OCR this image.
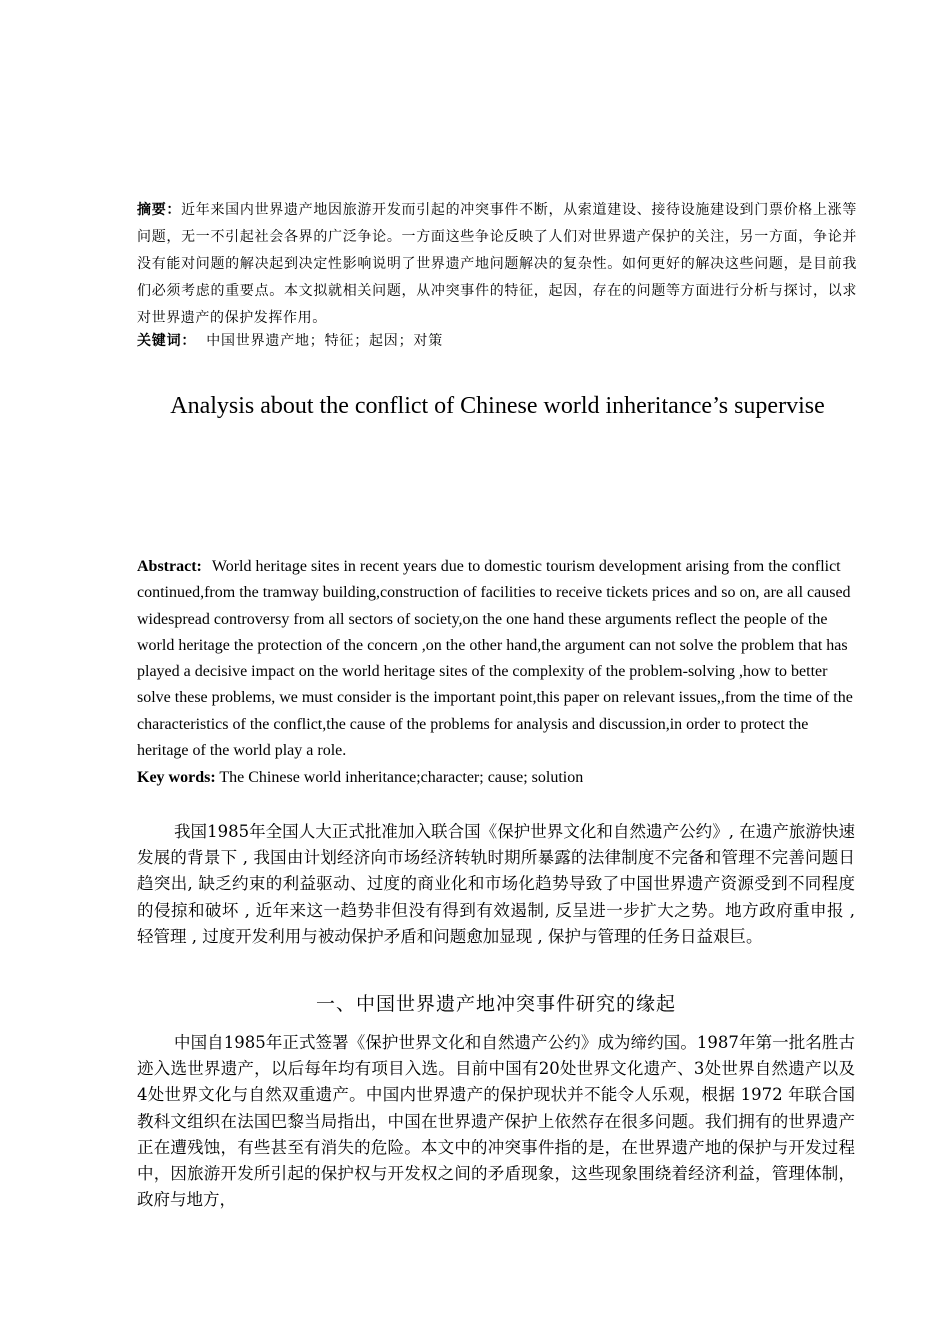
摘要：近年来国内世界遗产地因旅游开发而引起的冲突事件不断，从索道建设、接待设施建设到门票价格上涨等问题，无一不引起社会各界的广泛争论。一方面这些争论反映了人们对世界遗产保护的关注，另一方面，争论并没有能对问题的解决起到决定性影响说明了世界遗产地问题解决的复杂性。如何更好的解决这些问题，是目前我们必须考虑的重要点。本文拟就相关问题，从冲突事件的特征，起因，存在的问题等方面进行分析与探讨，以求对世界遗产的保护发挥作用。
关键词： 中国世界遗产地；特征；起因；对策
Analysis about the conflict of Chinese world inheritance’s supervise
Abstract: World heritage sites in recent years due to domestic tourism development arising from the conflict continued,from the tramway building,construction of facilities to receive tickets prices and so on, are all caused widespread controversy from all sectors of society,on the one hand these arguments reflect the people of the world heritage the protection of the concern ,on the other hand,the argument can not solve the problem that has played a decisive impact on the world heritage sites of the complexity of the problem-solving ,how to better solve these problems, we must consider is the important point,this paper on relevant issues,,from the time of the characteristics of the conflict,the cause of the problems for analysis and discussion,in order to protect the heritage of the world play a role.
Key words: The Chinese world inheritance;character; cause; solution
我国1985年全国人大正式批准加入联合国《保护世界文化和自然遗产公约》, 在遗产旅游快速发展的背景下 , 我国由计划经济向市场经济转轨时期所暴露的法律制度不完备和管理不完善问题日趋突出, 缺乏约束的利益驱动、过度的商业化和市场化趋势导致了中国世界遗产资源受到不同程度的侵掠和破坏 , 近年来这一趋势非但没有得到有效遏制, 反呈进一步扩大之势。地方政府重申报 , 轻管理 , 过度开发利用与被动保护矛盾和问题愈加显现 , 保护与管理的任务日益艰巨。
一、中国世界遗产地冲突事件研究的缘起
中国自1985年正式签署《保护世界文化和自然遗产公约》成为缔约国。1987年第一批名胜古迹入选世界遗产，以后每年均有项目入选。目前中国有20处世界文化遗产、3处世界自然遗产以及4处世界文化与自然双重遗产。中国内世界遗产的保护现状并不能令人乐观，根据 1972 年联合国教科文组织在法国巴黎当局指出，中国在世界遗产保护上依然存在很多问题。我们拥有的世界遗产正在遭残蚀，有些甚至有消失的危险。本文中的冲突事件指的是，在世界遗产地的保护与开发过程中，因旅游开发所引起的保护权与开发权之间的矛盾现象，这些现象围绕着经济利益，管理体制，政府与地方，
